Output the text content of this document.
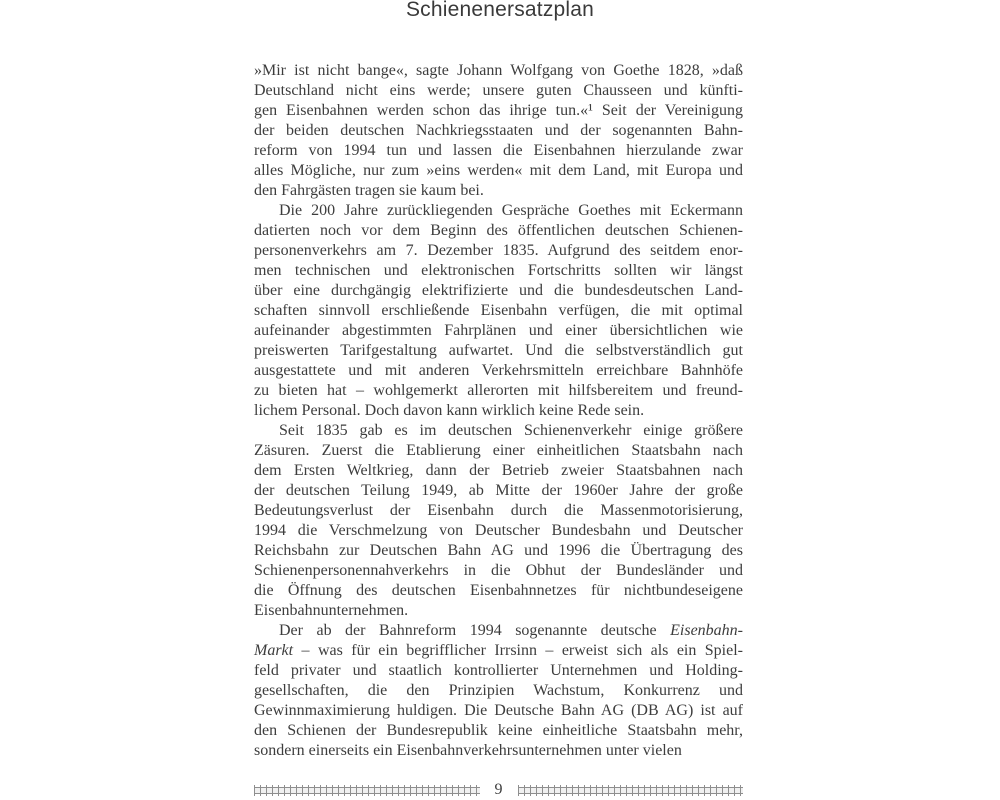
Schienenersatzplan
»Mir ist nicht bange«, sagte Johann Wolfgang von Goethe 1828, »daß
Deutschland nicht eins werde; unsere guten Chausseen und künfti-
gen Eisenbahnen werden schon das ihrige tun.«¹ Seit der Vereinigung
der beiden deutschen Nachkriegsstaaten und der sogenannten Bahn-
reform von 1994 tun und lassen die Eisenbahnen hierzulande zwar
alles Mögliche, nur zum »eins werden« mit dem Land, mit Europa und
den Fahrgästen tragen sie kaum bei.
Die 200 Jahre zurückliegenden Gespräche Goethes mit Eckermann
datierten noch vor dem Beginn des öffentlichen deutschen Schienen-
personenverkehrs am 7. Dezember 1835. Aufgrund des seitdem enor-
men technischen und elektronischen Fortschritts sollten wir längst
über eine durchgängig elektrifizierte und die bundesdeutschen Land-
schaften sinnvoll erschließende Eisenbahn verfügen, die mit optimal
aufeinander abgestimmten Fahrplänen und einer übersichtlichen wie
preiswerten Tarifgestaltung aufwartet. Und die selbstverständlich gut
ausgestattete und mit anderen Verkehrsmitteln erreichbare Bahnhöfe
zu bieten hat – wohlgemerkt allerorten mit hilfsbereitem und freund-
lichem Personal. Doch davon kann wirklich keine Rede sein.
Seit 1835 gab es im deutschen Schienenverkehr einige größere
Zäsuren. Zuerst die Etablierung einer einheitlichen Staatsbahn nach
dem Ersten Weltkrieg, dann der Betrieb zweier Staatsbahnen nach
der deutschen Teilung 1949, ab Mitte der 1960er Jahre der große
Bedeutungsverlust der Eisenbahn durch die Massenmotorisierung,
1994 die Verschmelzung von Deutscher Bundesbahn und Deutscher
Reichsbahn zur Deutschen Bahn AG und 1996 die Übertragung des
Schienenpersonennahverkehrs in die Obhut der Bundesländer und
die Öffnung des deutschen Eisenbahnnetzes für nichtbundeseigene
Eisenbahnunternehmen.
Der ab der Bahnreform 1994 sogenannte deutsche Eisenbahn-
Markt – was für ein begrifflicher Irrsinn – erweist sich als ein Spiel-
feld privater und staatlich kontrollierter Unternehmen und Holding-
gesellschaften, die den Prinzipien Wachstum, Konkurrenz und
Gewinnmaximierung huldigen. Die Deutsche Bahn AG (DB AG) ist auf
den Schienen der Bundesrepublik keine einheitliche Staatsbahn mehr,
sondern einerseits ein Eisenbahnverkehrsunternehmen unter vielen
9
